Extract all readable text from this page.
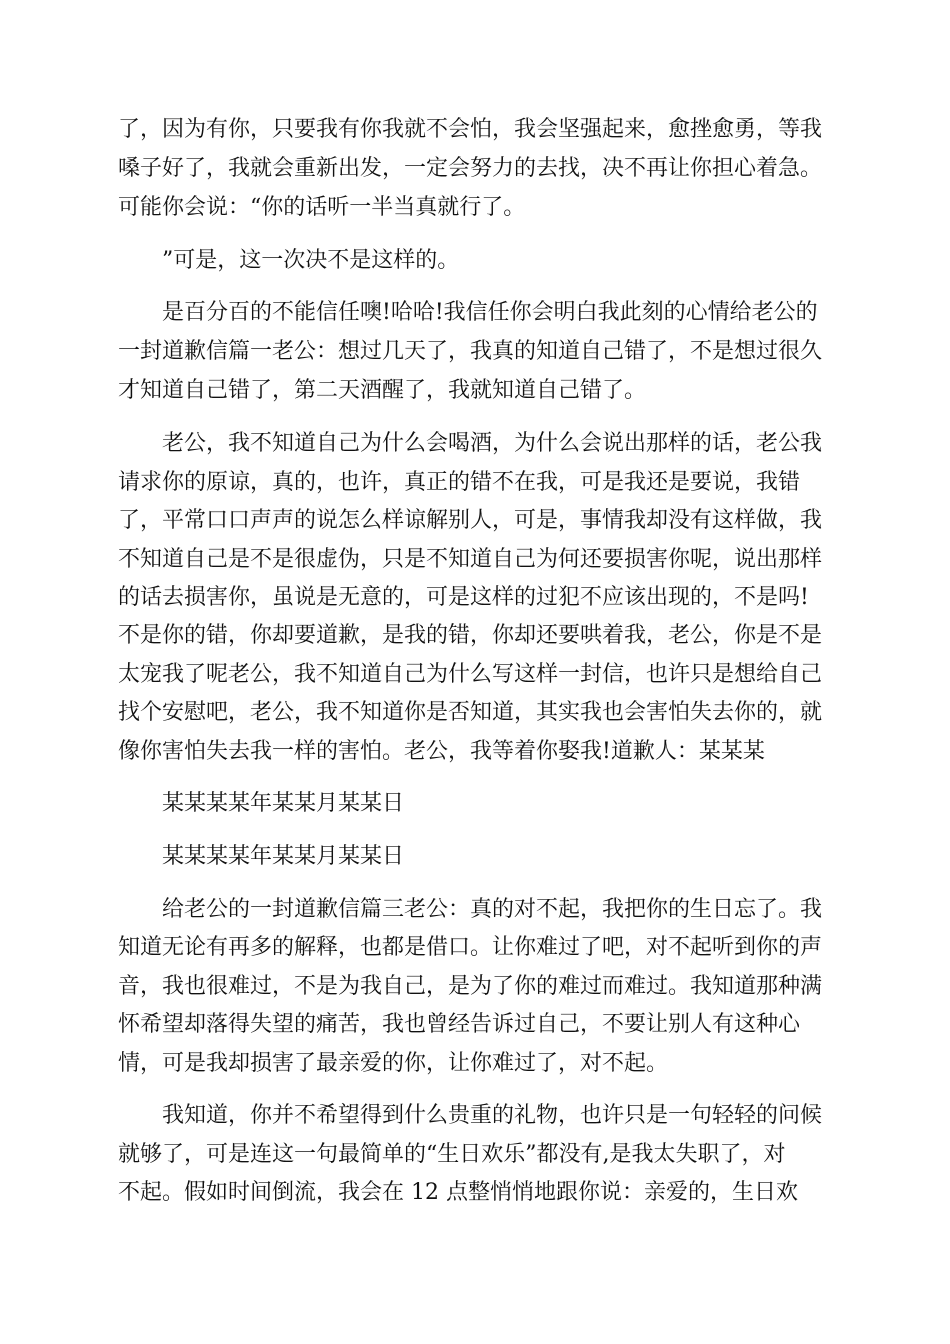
了，因为有你，只要我有你我就不会怕，我会坚强起来，愈挫愈勇，等我
嗓子好了，我就会重新出发，一定会努力的去找，决不再让你担心着急。
可能你会说：“你的话听一半当真就行了。
”可是，这一次决不是这样的。
是百分百的不能信任噢!哈哈!我信任你会明白我此刻的心情给老公的
一封道歉信篇一老公：想过几天了，我真的知道自己错了，不是想过很久
才知道自己错了，第二天酒醒了，我就知道自己错了。
老公，我不知道自己为什么会喝酒，为什么会说出那样的话，老公我
请求你的原谅，真的，也许，真正的错不在我，可是我还是要说，我错
了，平常口口声声的说怎么样谅解别人，可是，事情我却没有这样做，我
不知道自己是不是很虚伪，只是不知道自己为何还要损害你呢，说出那样
的话去损害你，虽说是无意的，可是这样的过犯不应该出现的，不是吗!
不是你的错，你却要道歉，是我的错，你却还要哄着我，老公，你是不是
太宠我了呢老公，我不知道自己为什么写这样一封信，也许只是想给自己
找个安慰吧，老公，我不知道你是否知道，其实我也会害怕失去你的，就
像你害怕失去我一样的害怕。老公，我等着你娶我!道歉人：某某某
某某某某年某某月某某日
某某某某年某某月某某日
给老公的一封道歉信篇三老公：真的对不起，我把你的生日忘了。我
知道无论有再多的解释，也都是借口。让你难过了吧，对不起听到你的声
音，我也很难过，不是为我自己，是为了你的难过而难过。我知道那种满
怀希望却落得失望的痛苦，我也曾经告诉过自己，不要让别人有这种心
情，可是我却损害了最亲爱的你，让你难过了，对不起。
我知道，你并不希望得到什么贵重的礼物，也许只是一句轻轻的问候
就够了，可是连这一句最简单的“生日欢乐”都没有,是我太失职了，对
不起。假如时间倒流，我会在 12 点整悄悄地跟你说：亲爱的，生日欢
